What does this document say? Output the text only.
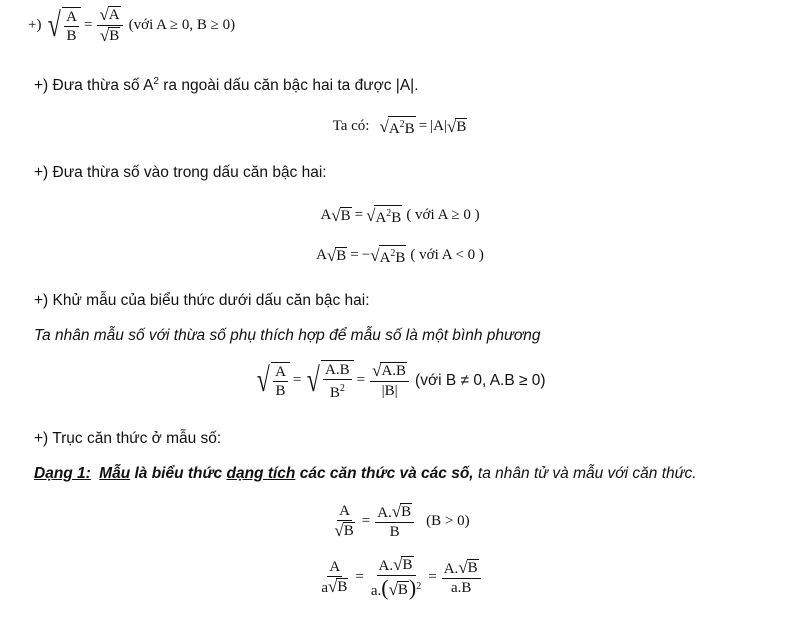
+) √ $\frac{A}{B} = \frac{√ A}{√ B}$ (với A ≥ 0, B ≥ 0)
+) Đưa thừa số $A^2$ ra ngoài dấu căn bậc hai ta được |A|.
Ta có: √ $A^2B = |A|$ √ B
+) Đưa thừa số vào trong dấu căn bậc hai:
A √ B = √ $A^2B$ ( với A ≥ 0 )
A √ B = − √ $A^2B$ ( với A < 0 )
+) Khử mẫu của biểu thức dưới dấu căn bậc hai:
Ta nhân mẫu số với thừa số phụ thích hợp để mẫu số là một bình phương
√ $\frac{A}{B}$ = √ $\frac{A.B}{B^2} = \frac{√ A.B}{|B|}$ (với B ≠ 0, A.B ≥ 0)
+) Trục căn thức ở mẫu số:
Dạng 1: Mẫu là biểu thức dạng tích các căn thức và các số, ta nhân tử và mẫu với căn thức.
$\frac{A}{√ B} = \frac{A. √ B}{B} (B > 0)$
$\frac{A}{a √ B} = \frac{A. √ B}{a.( √ B )^2} = \frac{A. √ B}{a.B}$
